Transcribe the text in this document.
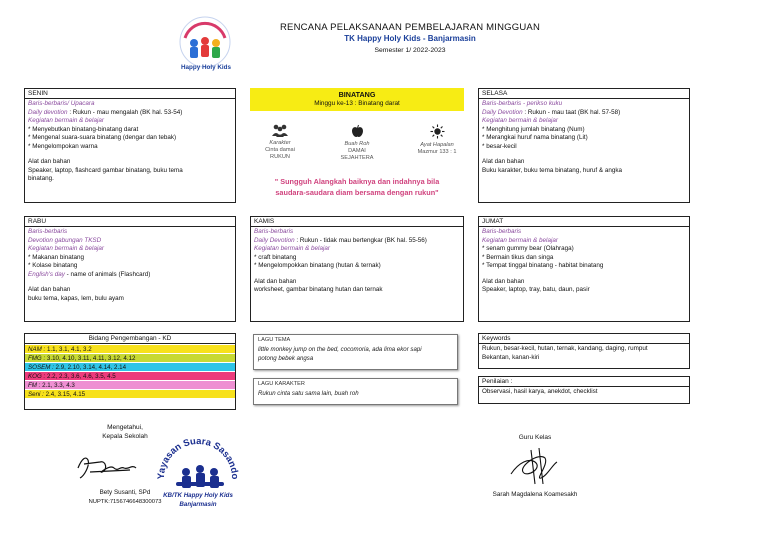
Happy Holy Kids
RENCANA PELAKSANAAN PEMBELAJARAN MINGGUAN
TK Happy Holy Kids - Banjarmasin
Semester 1/ 2022-2023
SENIN
Baris-berbaris/ Upacara
Daily devotion : Rukun - mau mengalah (BK hal. 53-54)
Kegiatan bermain & belajar
* Menyebutkan binatang-binatang darat
* Mengenal suara-suara binatang (dengar dan tebak)
* Mengelompokan warna
Alat dan bahan
Speaker, laptop, flashcard gambar binatang, buku tema
binatang.
BINATANG
Minggu ke-13 : Binatang darat
Karakter
Cinta damai
RUKUN
Buah Roh
DAMAI
SEJAHTERA
Ayat Hapalan
Mazmur 133 : 1
" Sungguh Alangkah baiknya dan indahnya bila
saudara-saudara diam bersama dengan rukun"
SELASA
Baris-berbaris - perikso kuku
Daily Devotion : Rukun - mau taat (BK hal. 57-58)
Kegiatan bermain & belajar
* Menghitung jumlah binatang (Num)
* Merangkai huruf nama binatang (Lit)
* besar-kecil
Alat dan bahan
Buku karakter, buku tema binatang, huruf & angka
RABU
Baris-berbaris
Devotion gabungan TKSD
Kegiatan bermain & belajar
* Makanan binatang
* Kolase binatang
English's day - name of animals (Flashcard)
Alat dan bahan
buku tema, kapas, lem, bulu ayam
KAMIS
Baris-berbaris
Daily Devotion : Rukun - tidak mau bertengkar (BK hal. 55-56)
Kegiatan bermain & belajar
* craft binatang
* Mengelompokkan binatang (hutan & ternak)
Alat dan bahan
worksheet, gambar binatang hutan dan ternak
JUMAT
Baris-berbaris
Kegiatan bermain & belajar
* senam gummy bear (Olahraga)
* Bermain tikus dan singa
* Tempat tinggal binatang - habitat binatang
Alat dan bahan
Speaker, laptop, tray, batu, daun, pasir
Bidang Pengembangan - KD
NAM : 1.1, 3.1, 4.1, 3.2
FMG : 3.10, 4.10, 3.11, 4.11, 3.12, 4.12
SOSEM : 2.9, 2.10, 3.14, 4.14, 2.14
KOG : 2.2, 2.3, 3.6, 4.6, 3.5, 4.5
FM : 2.1, 3.3, 4.3
Seni : 2.4, 3.15, 4.15
LAGU TEMA
little monkey jump on the bed, cocomoria, ada lima ekor sapi
potong bebek angsa
LAGU KARAKTER
Rukun cinta satu sama lain, buah roh
Keywords
Rukun, besar-kecil, hutan, ternak, kandang, daging, rumput
Bekantan, kanan-kiri
Penilaian :
Observasi, hasil karya, anekdot, checklist
Mengetahui,
Kepala Sekolah
Bety Susanti, SPd
NUPTK:7156746648300073
Yayasan Suara Sasando
KB/TK Happy Holy Kids
Banjarmasin
Guru Kelas
Sarah Magdalena Koamesakh
